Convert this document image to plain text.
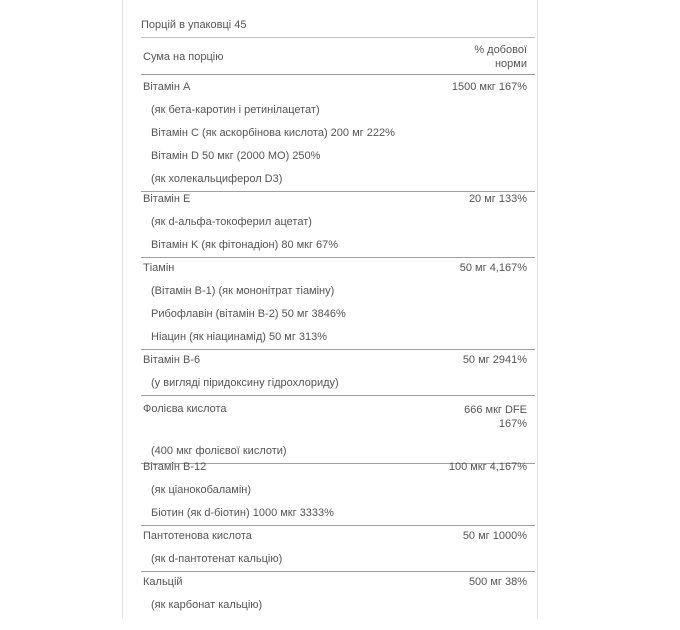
Порцій в упаковці 45
Сума на порцію
% добової
норми
Вітамін A	1500 мкг 167%
(як бета-каротин і ретинілацетат)
Вітамін C (як аскорбінова кислота) 200 мг 222%
Вітамін D 50 мкг (2000 МО) 250%
(як холекальциферол D3)
Вітамін E	20 мг 133%
(як d-альфа-токоферил ацетат)
Вітамін K (як фітонадіон) 80 мкг 67%
Тіамін	50 мг 4,167%
(Вітамін B-1) (як мононітрат тіаміну)
Рибофлавін (вітамін B-2) 50 мг 3846%
Ніацин (як ніацинамід) 50 мг 313%
Вітамін B-6	50 мг 2941%
(у вигляді піридоксину гідрохлориду)
Фолієва кислота	666 мкг DFE
167%
(400 мкг фолієвої кислоти)
Вітамін B-12	100 мкг 4,167%
(як ціанокобаламін)
Біотин (як d-біотин) 1000 мкг 3333%
Пантотенова кислота	50 мг 1000%
(як d-пантотенат кальцію)
Кальцій	500 мг 38%
(як карбонат кальцію)
